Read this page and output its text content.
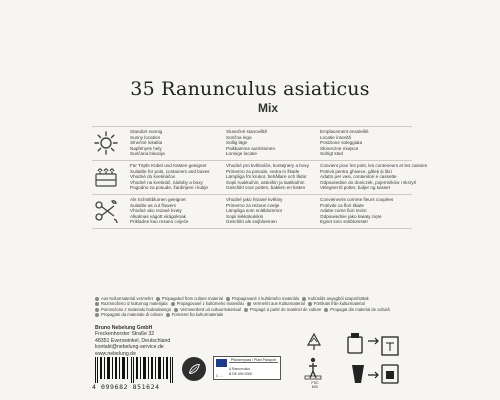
35 Ranunculus asiaticus
Mix
Standort sonnig
Sunny location
Slnečné lokalita
Napfényes hely
Sunčana lokacija
Slunečné stanoviště
Sončna lega
Sollig läge
Paikkamme aurinkoinen
Łonnige locatie
Emplacement ensoleillé
Locatie insorită
Posizione soleggiata
Słoneczne miejsce
Solrigt sted
Für Töpfe Kübel und Kästen geeignet
Suitable for pots, containers and boxes
Vhodné do kvetináčov
Vhodné na kvetináč, nádoby a boxy
Pogodno za posude, žardinjere i kutije
Vhodné pro květináče, kontejnery a boxy
Primerno za posode, vedra in škatle
Lämpliga för krukor, behållare och lådor
Sopii ruukkuihin, astioihin ja laatikoihin
Geschikt voor potten, bakken en kisten
Convient pour les pots, les conteneurs et les caisses
Potrivit pentru ghivece, găleți și lăzi
Adatto per vasi, contenitori e cassette
Odpowiednie do doniczek, pojemników i skrzyń
Velegnet til potter, baljer og kasser
Als Schnittblumen geeignet
Suitable as cut flowers
Vhodné ako rezané kvety
Alkalmas vágott virágoknak
Prikladne kao rezano cvijeće
Vhodné jako řezané květiny
Primerno za rezane cvetje
Lämpliga som snittblommor
Sopii leikkokukiksi
Geschikt als snijbloemen
Conviennent comme fleurs coupées
Potrivite ca flori tăiate
Adatte come fiori recisi
Odpowiednie jako kwiaty cięte
Egnet som snitblomster
Aus Kulturmaterial vermehrt Propagated from culture material Propagované z kultúrneho materiálu Kultúrális anyagból szaporítottak
Razmnoženo iz kulturnog materijala Propagované z kultúrneho materiálu Vermehrt aus Kulturmaterial Förökats från kulturmaterial
Pomnożono z materiału hodowlanego Vermeerderd uit cultuurmateriaal Propagé à partir de matériel de culture Propagat din material de cultură
Propagato da materiale di coltura Formeret fra kulturmateriale
Bruno Nebelung GmbH
Freckenhorster Straße 32
48351 Everswinkel, Deutschland
kontakt@nebelung-service.de
www.nebelung.de
4 099682 851624
Pflanzenpass / Plant Passport
A Ranunculus
B DE-NW-0000
C …
FSC
MIX
